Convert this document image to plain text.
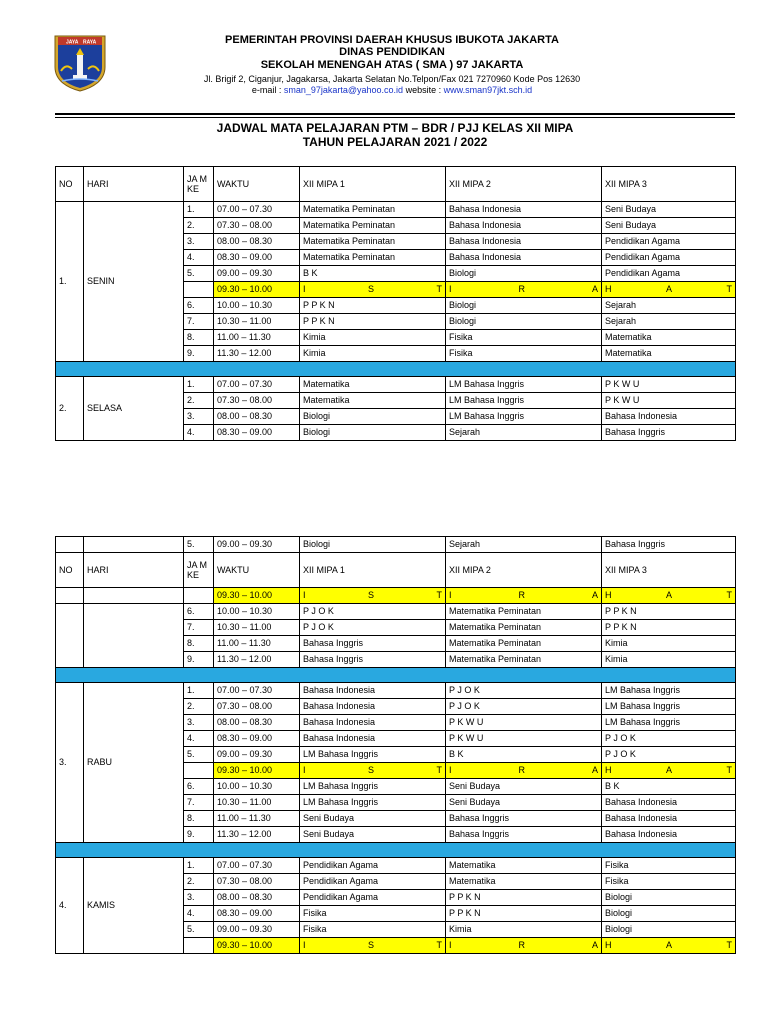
JAYA RAYA	PEMERINTAH PROVINSI DAERAH KHUSUS IBUKOTA JAKARTA
DINAS PENDIDIKAN
SEKOLAH MENENGAH ATAS ( SMA ) 97 JAKARTA
Jl. Brigif 2, Ciganjur, Jagakarsa, Jakarta Selatan No.Telpon/Fax 021 7270960 Kode Pos 12630
e-mail : sman_97jakarta@yahoo.co.id website : www.sman97jkt.sch.id
JADWAL MATA PELAJARAN PTM – BDR / PJJ KELAS XII MIPA
TAHUN PELAJARAN 2021 / 2022
NO	HARI	JA M KE	WAKTU	XII MIPA 1	XII MIPA 2	XII MIPA 3
1.	SENIN	1.	07.00 – 07.30	Matematika Peminatan	Bahasa Indonesia	Seni Budaya
		2.	07.30 – 08.00	Matematika Peminatan	Bahasa Indonesia	Seni Budaya
		3.	08.00 – 08.30	Matematika Peminatan	Bahasa Indonesia	Pendidikan Agama
		4.	08.30 – 09.00	Matematika Peminatan	Bahasa Indonesia	Pendidikan Agama
		5.	09.00 – 09.30	B K	Biologi	Pendidikan Agama
			09.30 – 10.00	I S T	I R A	H A T

		6.	10.00 – 10.30	P P K N	Biologi	Sejarah
		7.	10.30 – 11.00	P P K N	Biologi	Sejarah
		8.	11.00 – 11.30	Kimia	Fisika	Matematika
		9.	11.30 – 12.00	Kimia	Fisika	Matematika

2.	SELASA	1.	07.00 – 07.30	Matematika	LM Bahasa Inggris	P K W U
		2.	07.30 – 08.00	Matematika	LM Bahasa Inggris	P K W U
		3.	08.00 – 08.30	Biologi	LM Bahasa Inggris	Bahasa Indonesia
		4.	08.30 – 09.00	Biologi	Sejarah	Bahasa Inggris
		5.	09.00 – 09.30	Biologi	Sejarah	Bahasa Inggris
NO	HARI	JA M KE	WAKTU	XII MIPA 1	XII MIPA 2	XII MIPA 3
			09.30 – 10.00	I S T	I R A	H A T

		6.	10.00 – 10.30	P J O K	Matematika Peminatan	P P K N
		7.	10.30 – 11.00	P J O K	Matematika Peminatan	P P K N
		8.	11.00 – 11.30	Bahasa Inggris	Matematika Peminatan	Kimia
		9.	11.30 – 12.00	Bahasa Inggris	Matematika Peminatan	Kimia

3.	RABU	1.	07.00 – 07.30	Bahasa Indonesia	P J O K	LM Bahasa Inggris
		2.	07.30 – 08.00	Bahasa Indonesia	P J O K	LM Bahasa Inggris
		3.	08.00 – 08.30	Bahasa Indonesia	P K W U	LM Bahasa Inggris
		4.	08.30 – 09.00	Bahasa Indonesia	P K W U	P J O K
		5.	09.00 – 09.30	LM Bahasa Inggris	B K	P J O K
			09.30 – 10.00	I S T	I R A	H A T

		6.	10.00 – 10.30	LM Bahasa Inggris	Seni Budaya	B K
		7.	10.30 – 11.00	LM Bahasa Inggris	Seni Budaya	Bahasa Indonesia
		8.	11.00 – 11.30	Seni Budaya	Bahasa Inggris	Bahasa Indonesia
		9.	11.30 – 12.00	Seni Budaya	Bahasa Inggris	Bahasa Indonesia

4.	KAMIS	1.	07.00 – 07.30	Pendidikan Agama	Matematika	Fisika
		2.	07.30 – 08.00	Pendidikan Agama	Matematika	Fisika
		3.	08.00 – 08.30	Pendidikan Agama	P P K N	Biologi
		4.	08.30 – 09.00	Fisika	P P K N	Biologi
		5.	09.00 – 09.30	Fisika	Kimia	Biologi
			09.30 – 10.00	I S T	I R A	H A T
